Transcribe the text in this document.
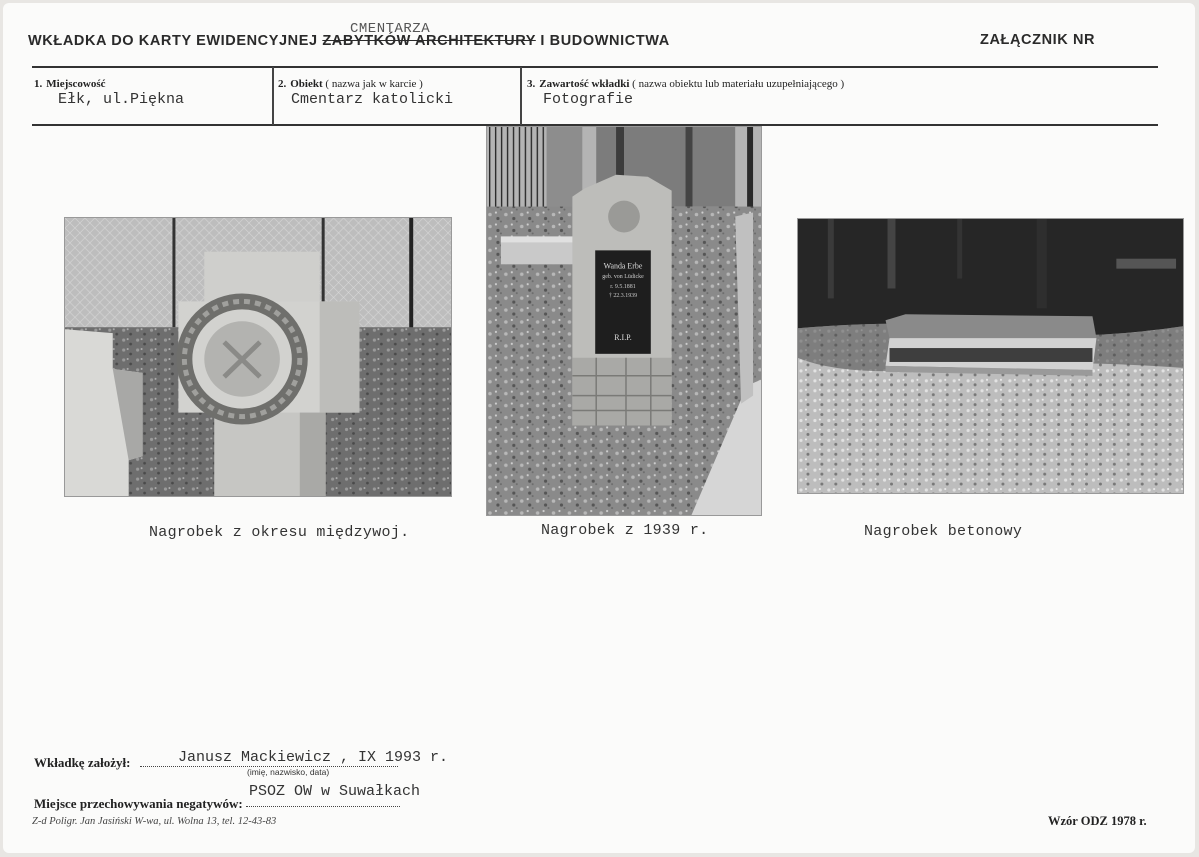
WKŁADKA DO KARTY EWIDENCYJNEJ ZABYTKÓW ARCHITEKTURY I BUDOWNICTWA
CMENTARZA
ZAŁĄCZNIK NR
1. Miejscowość
Ełk, ul.Piękna
2. Obiekt ( nazwa jak w karcie )
Cmentarz katolicki
3. Zawartość wkładki ( nazwa obiektu lub materiału uzupełniającego )
Fotografie
Wanda Erbe
geb. von Lüdicke
r. 9.5.1881
† 22.3.1939
R.I.P.
Nagrobek z okresu międzywoj.	Nagrobek z 1939 r.	Nagrobek betonowy
Wkładkę założył:	Janusz Mackiewicz , IX 1993 r.
(imię, nazwisko, data)
Miejsce przechowywania negatywów:
PSOZ OW w Suwałkach
Z-d Poligr. Jan Jasiński W-wa, ul. Wolna 13, tel. 12-43-83	Wzór ODZ 1978 r.
